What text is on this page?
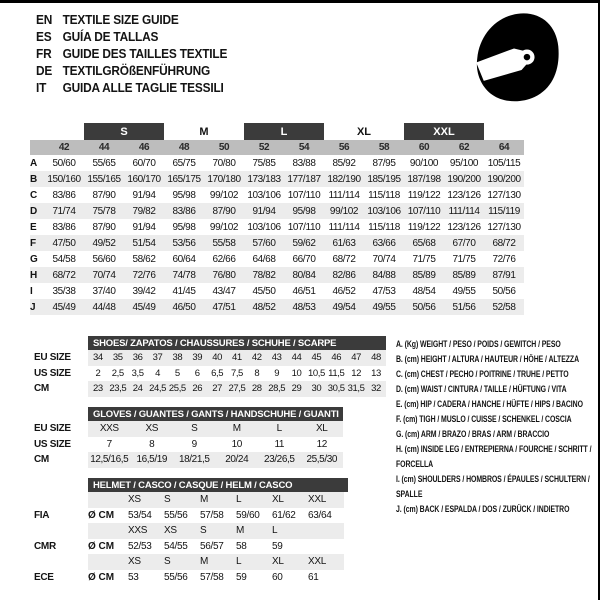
EN TEXTILE SIZE GUIDE
ES GUÍA DE TALLAS
FR GUIDE DES TAILLES TEXTILE
DE TEXTILGRÖßENFÜHRUNG
IT	GUIDA ALLE TAGLIE TESSILI
S	M	L	XL	XXL
42	44	46	48	50	52	54	56	58	60	62	64
A	50/60	55/65	60/70	65/75	70/80	75/85	83/88	85/92	87/95	90/100	95/100 105/115
B	150/160 155/165 160/170 165/175 170/180 173/183 177/187 182/190 185/195 187/198 190/200 190/200
C	83/86	87/90	91/94	95/98	99/102 103/106 107/110 111/114 115/118 119/122 123/126 127/130
D	71/74	75/78	79/82	83/86	87/90	91/94	95/98	99/102 103/106 107/110 111/114 115/119
E	83/86	87/90	91/94	95/98	99/102 103/106 107/110 111/114 115/118 119/122 123/126 127/130
F	47/50	49/52	51/54	53/56	55/58	57/60	59/62	61/63	63/66	65/68	67/70	68/72
G	54/58	56/60	58/62	60/64	62/66	64/68	66/70	68/72	70/74	71/75	71/75	72/76
H	68/72	70/74	72/76	74/78	76/80	78/82	80/84	82/86	84/88	85/89	85/89	87/91
I	35/38	37/40	39/42	41/45	43/47	45/50	46/51	46/52	47/53	48/54	49/55	50/56
J	45/49	44/48	45/49	46/50	47/51	48/52	48/53	49/54	49/55	50/56	51/56	52/58
SHOES/ ZAPATOS / CHAUSSURES / SCHUHE / SCARPE
EU SIZE	34	35	36	37	38	39	40	41	42	43	44	45	46	47	48
US SIZE	2	2,5 3,5	4	5	6	6,5 7,5	8	9	10 10,5 11,5 12	13
CM	23 23,5 24 24,5 25,5 26	27 27,5 28 28,5 29	30 30,5 31,5 32
GLOVES / GUANTES / GANTS / HANDSCHUHE / GUANTI
EU SIZE	XXS	XS	S	M	L	XL
US SIZE	7	8	9	10	11	12
CM	12,5/16,5 16,5/19	18/21,5	20/24	23/26,5	25,5/30
HELMET / CASCO / CASQUE / HELM / CASCO
XS	S	M	L	XL	XXL
FIA	Ø CM	53/54	55/56	57/58	59/60	61/62	63/64
XXS	XS	S	M	L
CMR	Ø CM	52/53	54/55	56/57	58	59
XS	S	M	L	XL	XXL
ECE	Ø CM	53	55/56	57/58	59	60	61
A. (Kg) WEIGHT / PESO / POIDS / GEWITCH / PESO
B. (cm) HEIGHT / ALTURA / HAUTEUR / HÖHE / ALTEZZA
C. (cm) CHEST / PECHO / POITRINE / TRUHE / PETTO
D. (cm) WAIST / CINTURA / TAILLE / HÜFTUNG / VITA
E. (cm) HIP / CADERA / HANCHE / HÜFTE / HIPS / BACINO
F. (cm) TIGH / MUSLO / CUISSE / SCHENKEL / COSCIA
G. (cm) ARM / BRAZO / BRAS / ARM / BRACCIO
H. (cm) INSIDE LEG / ENTREPIERNA / FOURCHE / SCHRITT / FORCELLA
I. (cm) SHOULDERS / HOMBROS / ÉPAULES / SCHULTERN / SPALLE
J. (cm) BACK / ESPALDA / DOS / ZURÜCK / INDIETRO
